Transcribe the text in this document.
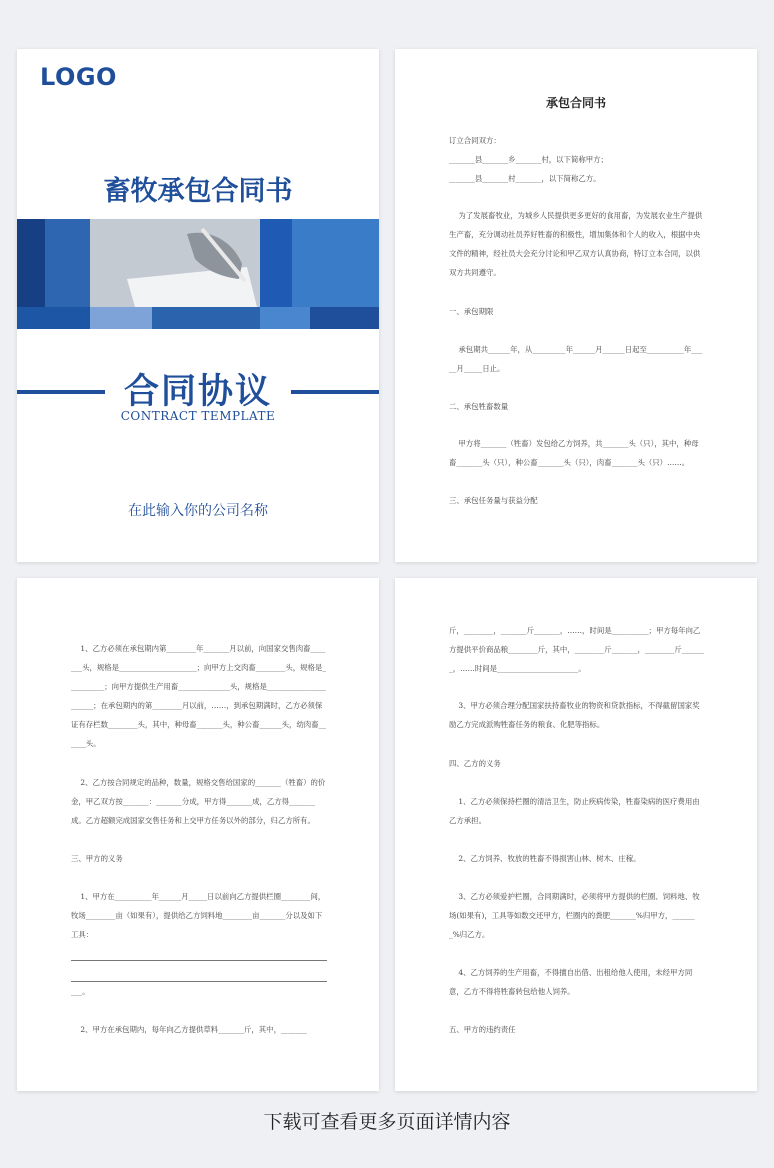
LOGO
畜牧承包合同书
合同协议
CONTRACT TEMPLATE
在此输入你的公司名称
承包合同书

订立合同双方：

_______县_______乡_______村，以下简称甲方；
_______县_______村_______，以下简称乙方。

为了发展畜牧业，为城乡人民提供更多更好的食用畜，为发展农业生产提供生产畜，充分调动社员养好牲畜的积极性，增加集体和个人的收入，根据中央文件的精神，经社员大会充分讨论和甲乙双方认真协商，特订立本合同，以供双方共同遵守。

一、承包期限

承包期共______年，从_________年______月______日起至__________年_____月_____日止。

二、承包牲畜数量

甲方将_______（牲畜）发包给乙方饲养，共_______头（只），其中，种母畜_______头（只），种公畜_______头（只），肉畜_______头（只）……。

三、承包任务量与获益分配

1、乙方必须在承包期内第________年_______月以前，向国家交售肉畜_______头，规格是_____________________；向甲方上交肉畜________头，规格是__________；向甲方提供生产用畜______________头，规格是______________________；在承包期内的第________月以前，……，到承包期满时，乙方必须保证有存栏数________头，其中，种母畜_______头，种公畜______头，幼肉畜______头。

2、乙方按合同规定的品种，数量，规格交售给国家的_______（牲畜）的价金，甲乙双方按_______：_______分成，甲方得_______成，乙方得_______成。乙方超额完成国家交售任务和上交甲方任务以外的部分，归乙方所有。

三、甲方的义务

1、甲方在__________年______月_____日以前向乙方提供栏圈________间，牧场________亩（如果有），提供给乙方饲料地________亩_______分以及如下工具：

___。

2、甲方在承包期内，每年向乙方提供草料_______斤，其中，_______

斤，________，_______斤_______，……，时间是__________；甲方每年向乙方提供平价商品粮________斤，其中，________斤_______，________斤_______，……时间是______________________。

3、甲方必须合理分配国家扶持畜牧业的物资和贷款指标，不得截留国家奖励乙方完成派购牲畜任务的粮食、化肥等指标。

四、乙方的义务

1、乙方必须保持栏圈的清洁卫生，防止疾病传染，牲畜染病的医疗费用由乙方承担。

2、乙方饲养、牧放的牲畜不得损害山林、树木、庄稼。

3、乙方必须爱护栏圈，合同期满时，必须将甲方提供的栏圈、饲料地、牧场(如果有)，工具等如数交还甲方，栏圈内的粪肥_______%归甲方，_______%归乙方。

4、乙方饲养的生产用畜，不得擅自出借、出租给他人使用，未经甲方同意，乙方不得将牲畜转包给他人饲养。

五、甲方的违约责任

下载可查看更多页面详情内容
